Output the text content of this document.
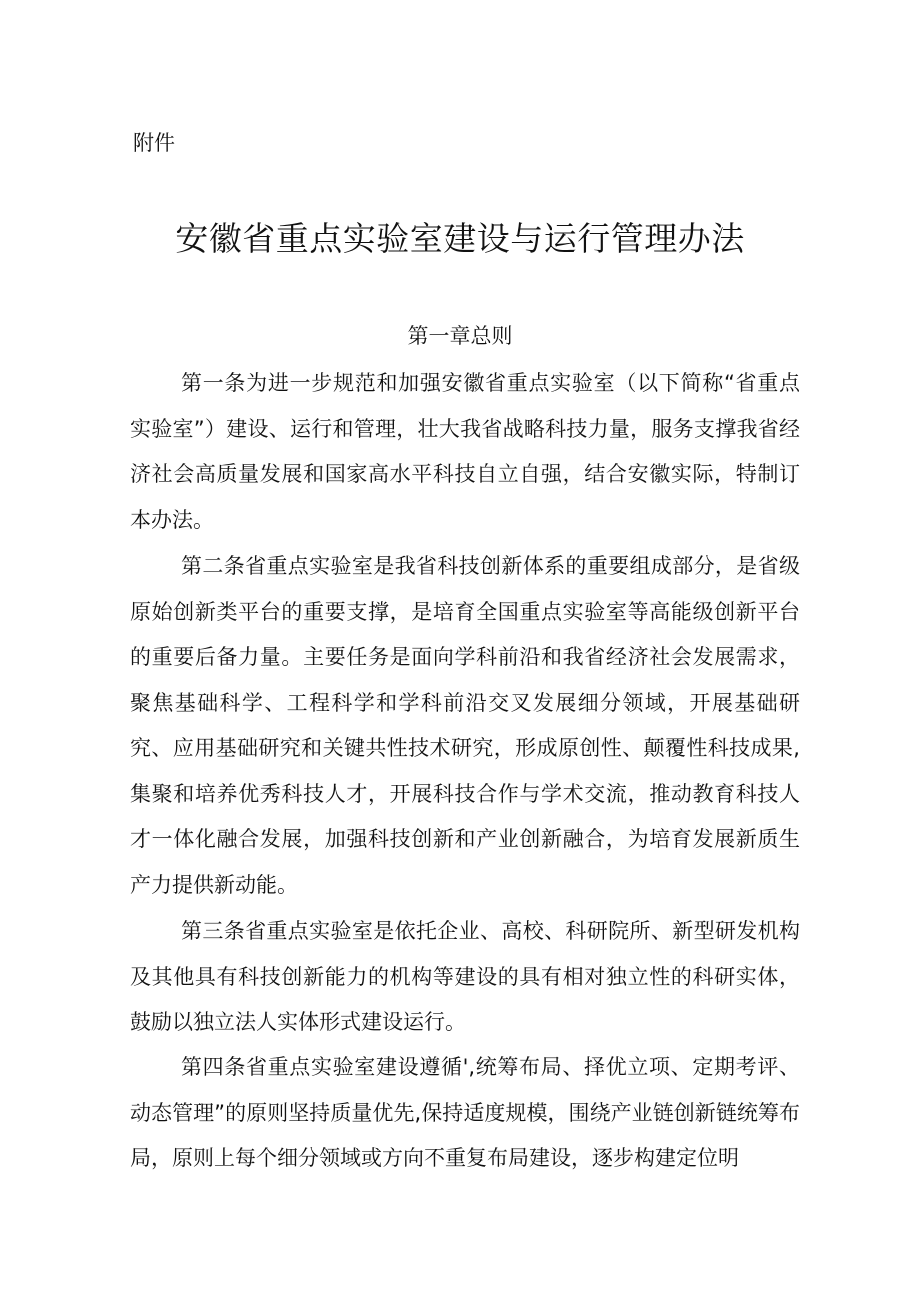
附件
安徽省重点实验室建设与运行管理办法
第一章总则

第一条为进一步规范和加强安徽省重点实验室（以下简称“省重点实验室”）建设、运行和管理，壮大我省战略科技力量，服务支撑我省经济社会高质量发展和国家高水平科技自立自强，结合安徽实际，特制订本办法。

第二条省重点实验室是我省科技创新体系的重要组成部分，是省级原始创新类平台的重要支撑，是培育全国重点实验室等高能级创新平台的重要后备力量。主要任务是面向学科前沿和我省经济社会发展需求，聚焦基础科学、工程科学和学科前沿交叉发展细分领域，开展基础研究、应用基础研究和关键共性技术研究，形成原创性、颠覆性科技成果,集聚和培养优秀科技人才，开展科技合作与学术交流，推动教育科技人才一体化融合发展，加强科技创新和产业创新融合，为培育发展新质生产力提供新动能。

第三条省重点实验室是依托企业、高校、科研院所、新型研发机构及其他具有科技创新能力的机构等建设的具有相对独立性的科研实体，鼓励以独立法人实体形式建设运行。

第四条省重点实验室建设遵循',统筹布局、择优立项、定期考评、动态管理”的原则坚持质量优先,保持适度规模，围绕产业链创新链统筹布局，原则上每个细分领域或方向不重复布局建设，逐步构建定位明
